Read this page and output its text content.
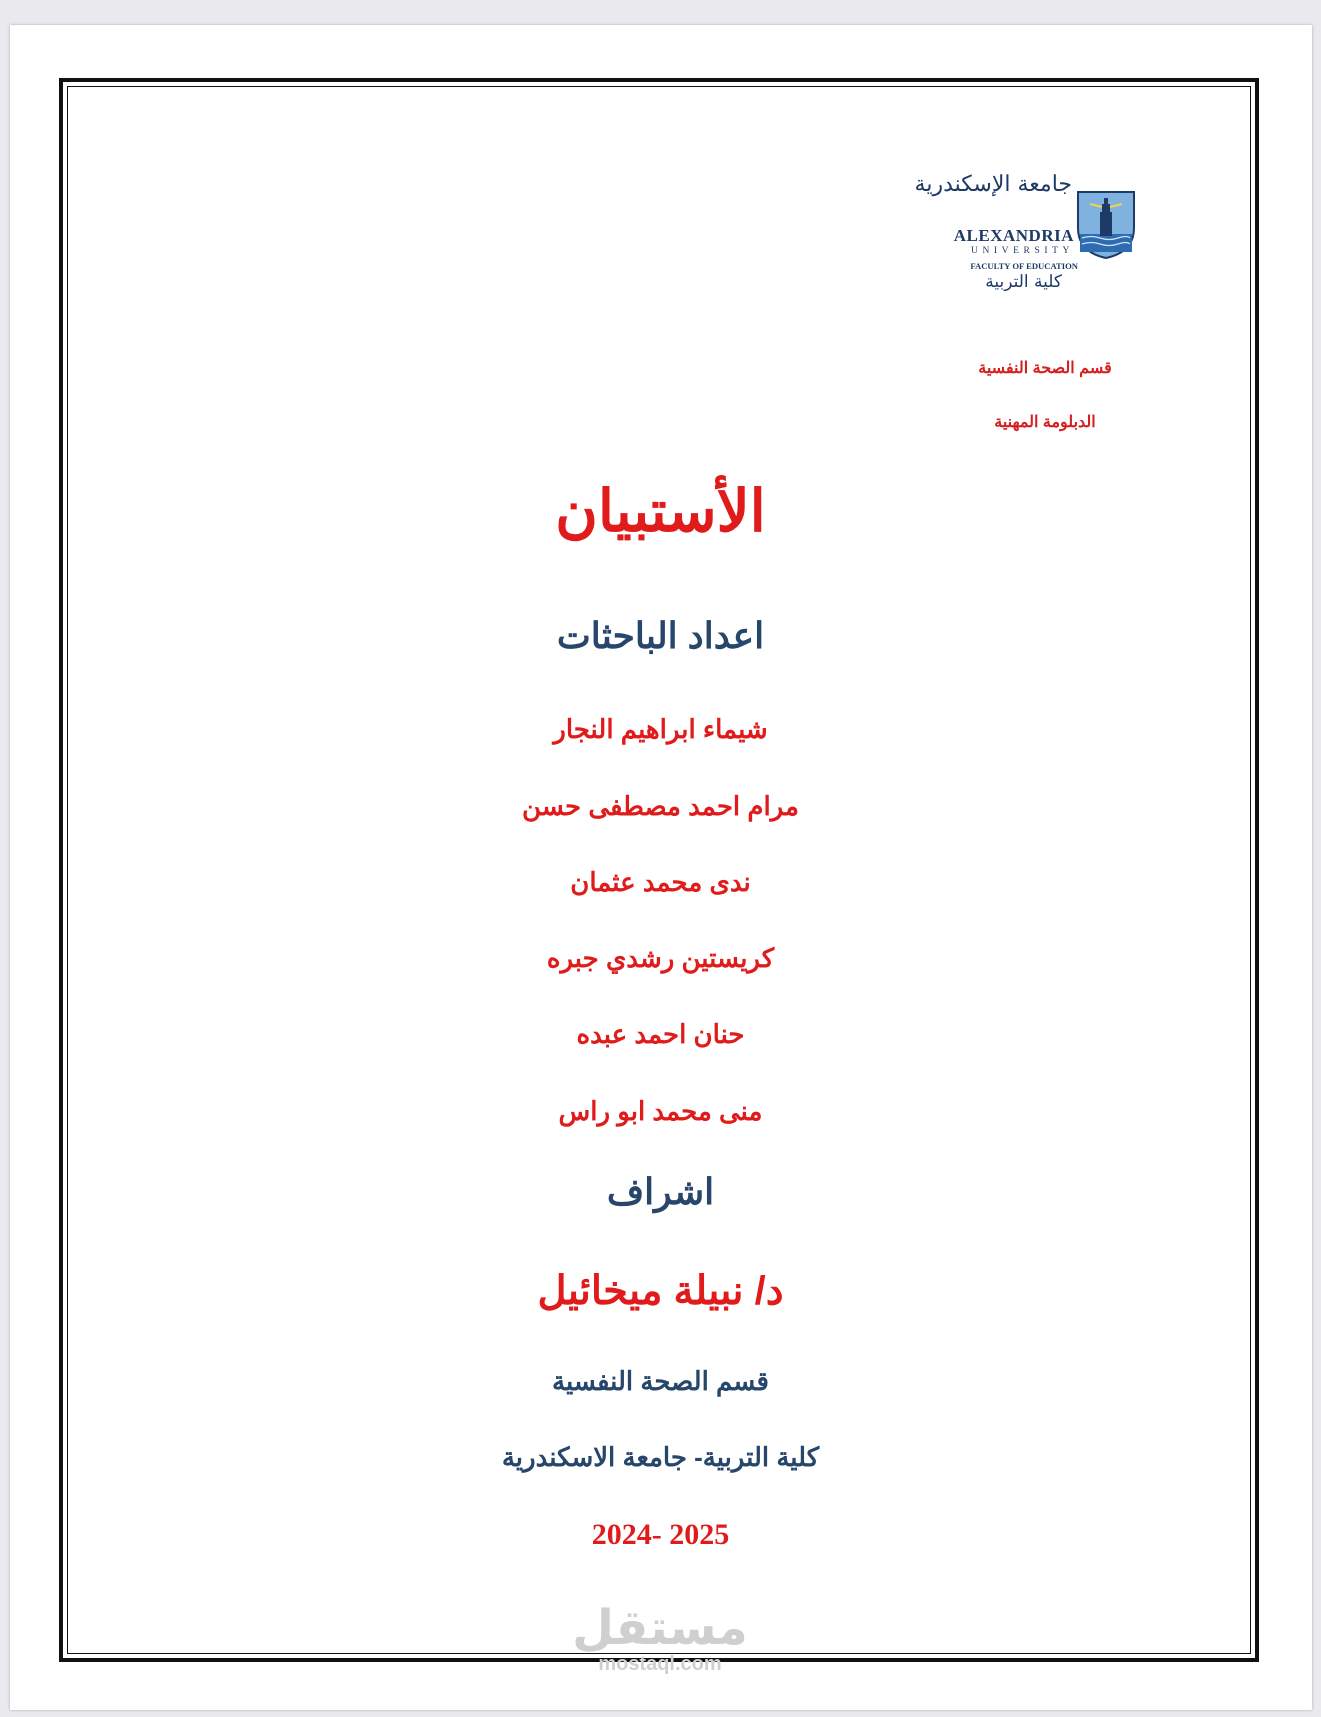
جامعة الإسكندرية
ALEXANDRIA
UNIVERSITY
FACULTY OF EDUCATION
كلية التربية
قسم الصحة النفسية
الدبلومة المهنية
الأستبيان
اعداد الباحثات
شيماء ابراهيم النجار
مرام احمد مصطفى حسن
ندى محمد عثمان
كريستين رشدي جبره
حنان احمد عبده
منى محمد ابو راس
اشراف
د/ نبيلة ميخائيل
قسم الصحة النفسية
كلية التربية- جامعة الاسكندرية
2024- 2025
مستقل
mostaql.com
